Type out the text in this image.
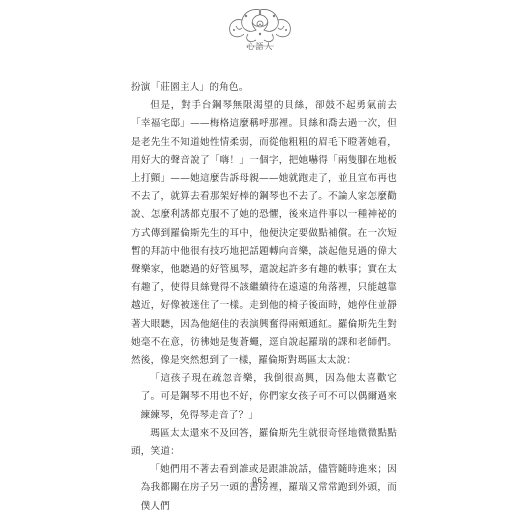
心語人

扮演「莊園主人」的角色。

但是，對手台鋼琴無限渴望的貝絲，卻鼓不起勇氣前去「幸福宅邸」——梅格這麼稱呼那裡。貝絲和喬去過一次，但是老先生不知道她性情柔弱，而從他粗粗的眉毛下瞪著她看，用好大的聲音說了「嗨！」一個字，把她嚇得「兩隻腳在地板上打顫」——她這麼告訴母親——她就跑走了，並且宣布再也不去了，就算去看那架好棒的鋼琴也不去了。不論人家怎麼勸說、怎麼利誘都克服不了她的恐懼，後來這件事以一種神祕的方式傳到羅倫斯先生的耳中，他便決定要做點補償。在一次短暫的拜訪中他很有技巧地把話題轉向音樂，談起他見過的偉大聲樂家，他聽過的好管風琴，還說起許多有趣的軼事；實在太有趣了，使得貝絲覺得不該繼續待在遠遠的角落裡，只能越靠越近，好像被迷住了一樣。走到他的椅子後面時，她停住並靜著大眼聽，因為他絕佳的表演興奮得兩頰通紅。羅倫斯先生對她毫不在意，彷彿她是隻蒼蠅，逕自說起羅瑞的課和老師們。然後，像是突然想到了一樣，羅倫斯對瑪區太太說：

「這孩子現在疏忽音樂，我倒很高興，因為他太喜歡它了。可是鋼琴不用也不好，你們家女孩子可不可以偶爾過來練練琴，免得琴走音了？」

瑪區太太還來不及回答，羅倫斯先生就很奇怪地微微點點頭，笑道：

「她們用不著去看到誰或是跟誰說話，儘管隨時進來；因為我都關在房子另一頭的書房裡，羅瑞又常常跑到外頭，而僕人們

062
